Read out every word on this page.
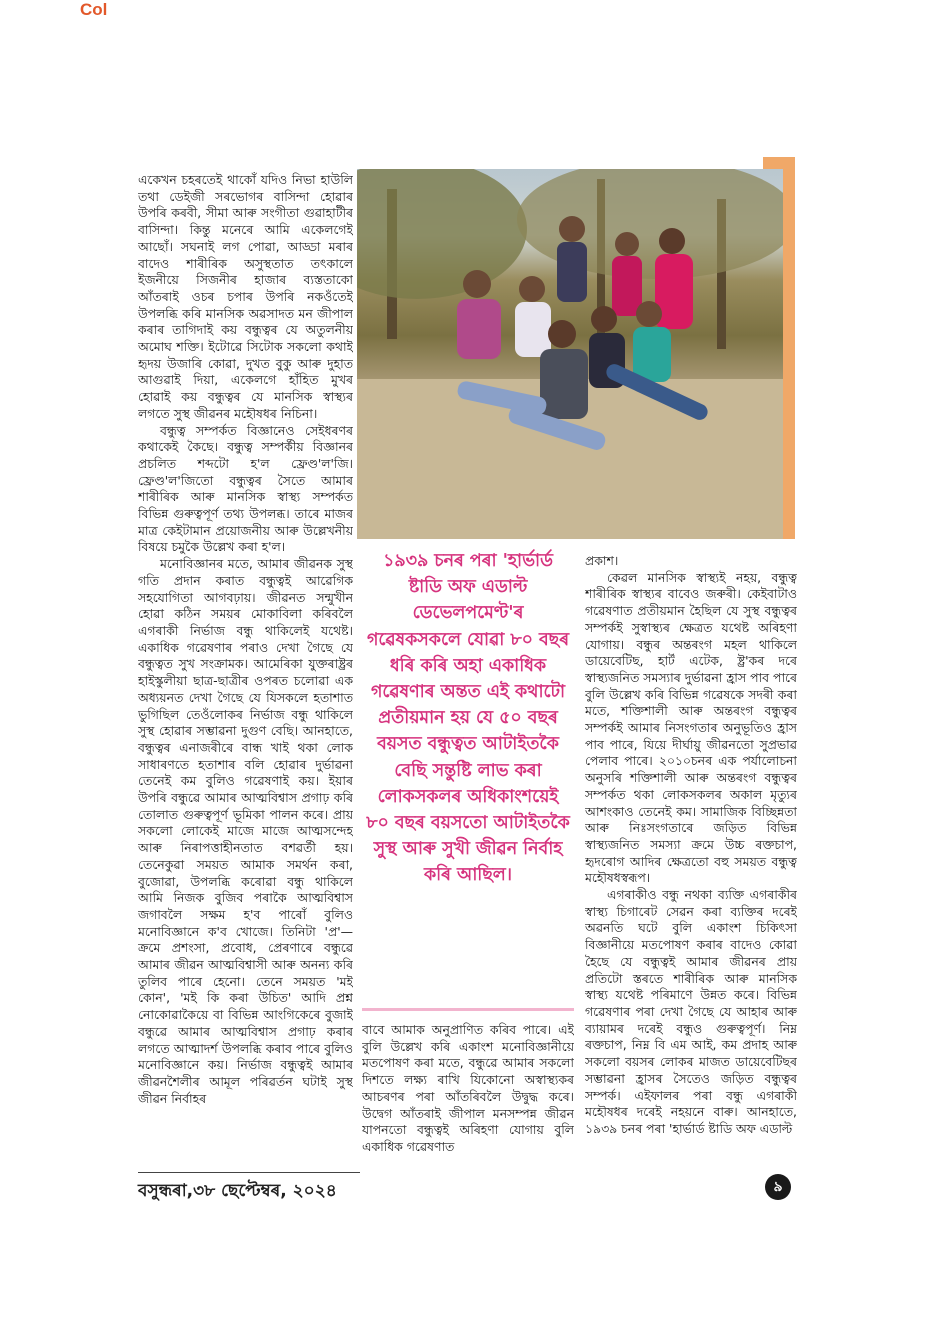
Col

একেখন চহৰতেই থাকোঁ যদিও নিভা হাউলি তথা ডেইজী সৰভোগৰ বাসিন্দা হোৱাৰ উপৰি কৰবী, সীমা আৰু সংগীতা গুৱাহাটীৰ বাসিন্দা। কিন্তু মনেৰে আমি একেলগেই আছোঁ। সঘনাই লগ পোৱা, আড্ডা মৰাৰ বাদেও শাৰীৰিক অসুস্থতাত তৎকালে ইজনীয়ে সিজনীৰ হাজাৰ ব্যস্ততাকো আঁতৰাই ওচৰ চপাৰ উপৰি নকওঁতেই উপলব্ধি কৰি মানসিক অৱসাদত মন জীপাল কৰাৰ তাগিদাই কয় বন্ধুত্বৰ যে অতুলনীয় অমোঘ শক্তি। ইটোৱে সিটোক সকলো কথাই হৃদয় উজাৰি কোৱা, দুখত বুকু আৰু দুহাত আগুৱাই দিয়া, একেলগে হাঁহিত মুখৰ হোৱাই কয় বন্ধুত্বৰ যে মানসিক স্বাস্থ্যৰ লগতে সুস্থ জীৱনৰ মহৌষধৰ নিচিনা।

বন্ধুত্ব সম্পৰ্কত বিজ্ঞানেও সেইধৰণৰ কথাকেই কৈছে। বন্ধুত্ব সম্পৰ্কীয় বিজ্ঞানৰ প্ৰচলিত শব্দটো হ'ল ফ্ৰেণ্ড'ল'জি। ফ্ৰেণ্ড'ল'জিতো বন্ধুত্বৰ সৈতে আমাৰ শাৰীৰিক আৰু মানসিক স্বাস্থ্য সম্পৰ্কত বিভিন্ন গুৰুত্বপূৰ্ণ তথ্য উপলব্ধ। তাৰে মাজৰ মাত্ৰ কেইটামান প্ৰয়োজনীয় আৰু উল্লেখনীয় বিষয়ে চমুকৈ উল্লেখ কৰা হ'ল।

মনোবিজ্ঞানৰ মতে, আমাৰ জীৱনক সুস্থ গতি প্ৰদান কৰাত বন্ধুত্বই আৱেগিক সহযোগিতা আগবঢ়ায়। জীৱনত সন্মুখীন হোৱা কঠিন সময়ৰ মোকাবিলা কৰিবলৈ এগৰাকী নিৰ্ভাজ বন্ধু থাকিলেই যথেষ্ট। একাধিক গৱেষণাৰ পৰাও দেখা গৈছে যে বন্ধুত্বত সুখ সংক্ৰামক। আমেৰিকা যুক্তৰাষ্ট্ৰৰ হাইস্কুলীয়া ছাত্ৰ-ছাত্ৰীৰ ওপৰত চলোৱা এক অধ্যয়নত দেখা গৈছে যে যিসকলে হতাশাত ভুগিছিল তেওঁলোকৰ নিৰ্ভাজ বন্ধু থাকিলে সুস্থ হোৱাৰ সম্ভাৱনা দুগুণ বেছি। আনহাতে, বন্ধুত্বৰ এনাজৰীৰে বান্ধ খাই থকা লোক সাধাৰণতে হতাশাৰ বলি হোৱাৰ দুৰ্ভাৱনা তেনেই কম বুলিও গৱেষণাই কয়। ইয়াৰ উপৰি বন্ধুৱে আমাৰ আত্মবিশ্বাস প্ৰগাঢ় কৰি তোলাত গুৰুত্বপূৰ্ণ ভূমিকা পালন কৰে। প্ৰায় সকলো লোকেই মাজে মাজে আত্মসন্দেহ আৰু নিৰাপত্তাহীনতাত বশৱৰ্তী হয়। তেনেকুৱা সময়ত আমাক সমৰ্থন কৰা, বুজোৱা, উপলব্ধি কৰোৱা বন্ধু থাকিলে আমি নিজক বুজিব পৰাকৈ আত্মবিশ্বাস জগাবলৈ সক্ষম হ'ব পাৰোঁ বুলিও মনোবিজ্ঞানে ক'ব খোজে। তিনিটা 'প্ৰ'—ক্ৰমে প্ৰশংসা, প্ৰবোধ, প্ৰেৰণাৰে বন্ধুৱে আমাৰ জীৱন আত্মবিশ্বাসী আৰু অনন্য কৰি তুলিব পাৰে হেনো। তেনে সময়ত 'মই কোন', 'মই কি কৰা উচিত' আদি প্ৰশ্ন নোকোৱাকৈয়ে বা বিভিন্ন আংগিকেৰে বুজাই বন্ধুৱে আমাৰ আত্মবিশ্বাস প্ৰগাঢ় কৰাৰ লগতে আত্মাদৰ্শ উপলব্ধি কৰাব পাৰে বুলিও মনোবিজ্ঞানে কয়। নিৰ্ভাজ বন্ধুত্বই আমাৰ জীৱনশৈলীৰ আমূল পৰিৱৰ্তন ঘটাই সুস্থ জীৱন নিৰ্বাহৰ

১৯৩৯ চনৰ পৰা 'হাৰ্ভাৰ্ড ষ্টাডি অফ এডাল্ট ডেভেলপমেণ্ট'ৰ গৱেষকসকলে যোৱা ৮০ বছৰ ধৰি কৰি অহা একাধিক গৱেষণাৰ অন্তত এই কথাটো প্ৰতীয়মান হয় যে ৫০ বছৰ বয়সত বন্ধুত্বত আটাইতকৈ বেছি সন্তুষ্টি লাভ কৰা লোকসকলৰ অধিকাংশয়েই ৮০ বছৰ বয়সতো আটাইতকৈ সুস্থ আৰু সুখী জীৱন নিৰ্বাহ কৰি আছিল।

বাবে আমাক অনুপ্ৰাণিত কৰিব পাৰে। এই বুলি উল্লেখ কৰি একাংশ মনোবিজ্ঞানীয়ে মতপোষণ কৰা মতে, বন্ধুৱে আমাৰ সকলো দিশতে লক্ষ্য ৰাখি যিকোনো অস্বাস্থ্যকৰ আচৰণৰ পৰা আঁতৰিবলৈ উদ্বুদ্ধ কৰে। উদ্বেগ আঁতৰাই জীপাল মনসম্পন্ন জীৱন যাপনতো বন্ধুত্বই অৰিহণা যোগায় বুলি একাধিক গৱেষণাত

প্ৰকাশ।

কেৱল মানসিক স্বাস্থ্যই নহয়, বন্ধুত্ব শাৰীৰিক স্বাস্থ্যৰ বাবেও জৰুৰী। কেইবাটাও গৱেষণাত প্ৰতীয়মান হৈছিল যে সুস্থ বন্ধুত্বৰ সম্পৰ্কই সুস্বাস্থ্যৰ ক্ষেত্ৰত যথেষ্ট অৰিহণা যোগায়। বন্ধুৰ অন্তৰংগ মহল থাকিলে ডায়েবেটিছ, হাৰ্ট এটেক, ষ্ট্ৰ'কৰ দৰে স্বাস্থ্যজনিত সমস্যাৰ দুৰ্ভাৱনা হ্ৰাস পাব পাৰে বুলি উল্লেখ কৰি বিভিন্ন গৱেষকে সদৰী কৰা মতে, শক্তিশালী আৰু অন্তৰংগ বন্ধুত্বৰ সম্পৰ্কই আমাৰ নিসংগতাৰ অনুভূতিও হ্ৰাস পাব পাৰে, যিয়ে দীৰ্ঘায়ু জীৱনতো সুপ্ৰভাৱ পেলাব পাৰে। ২০১০চনৰ এক পৰ্যালোচনা অনুসৰি শক্তিশালী আৰু অন্তৰংগ বন্ধুত্বৰ সম্পৰ্কত থকা লোকসকলৰ অকাল মৃত্যুৰ আশংকাও তেনেই কম। সামাজিক বিচ্ছিন্নতা আৰু নিঃসংগতাৰে জড়িত বিভিন্ন স্বাস্থ্যজনিত সমস্যা ক্ৰমে উচ্চ ৰক্তচাপ, হৃদৰোগ আদিৰ ক্ষেত্ৰতো বহু সময়ত বন্ধুত্ব মহৌষধস্বৰূপ।

এগৰাকীও বন্ধু নথকা ব্যক্তি এগৰাকীৰ স্বাস্থ্য চিগাৰেট সেৱন কৰা ব্যক্তিৰ দৰেই অৱনতি ঘটে বুলি একাংশ চিকিৎসা বিজ্ঞানীয়ে মতপোষণ কৰাৰ বাদেও কোৱা হৈছে যে বন্ধুত্বই আমাৰ জীৱনৰ প্ৰায় প্ৰতিটো স্তৰতে শাৰীৰিক আৰু মানসিক স্বাস্থ্য যথেষ্ট পৰিমাণে উন্নত কৰে। বিভিন্ন গৱেষণাৰ পৰা দেখা গৈছে যে আহাৰ আৰু ব্যায়ামৰ দৰেই বন্ধুও গুৰুত্বপূৰ্ণ। নিম্ন ৰক্তচাপ, নিম্ন বি এম আই, কম প্ৰদাহ আৰু সকলো বয়সৰ লোকৰ মাজত ডায়েবেটিছৰ সম্ভাৱনা হ্ৰাসৰ সৈতেও জড়িত বন্ধুত্বৰ সম্পৰ্ক। এইফালৰ পৰা বন্ধু এগৰাকী মহৌষধৰ দৰেই নহয়নে বাৰু। আনহাতে, ১৯৩৯ চনৰ পৰা 'হাৰ্ভাৰ্ড ষ্টাডি অফ এডাল্ট

বসুন্ধৰা,৩৮ ছেপ্টেম্বৰ, ২০২৪	৯
